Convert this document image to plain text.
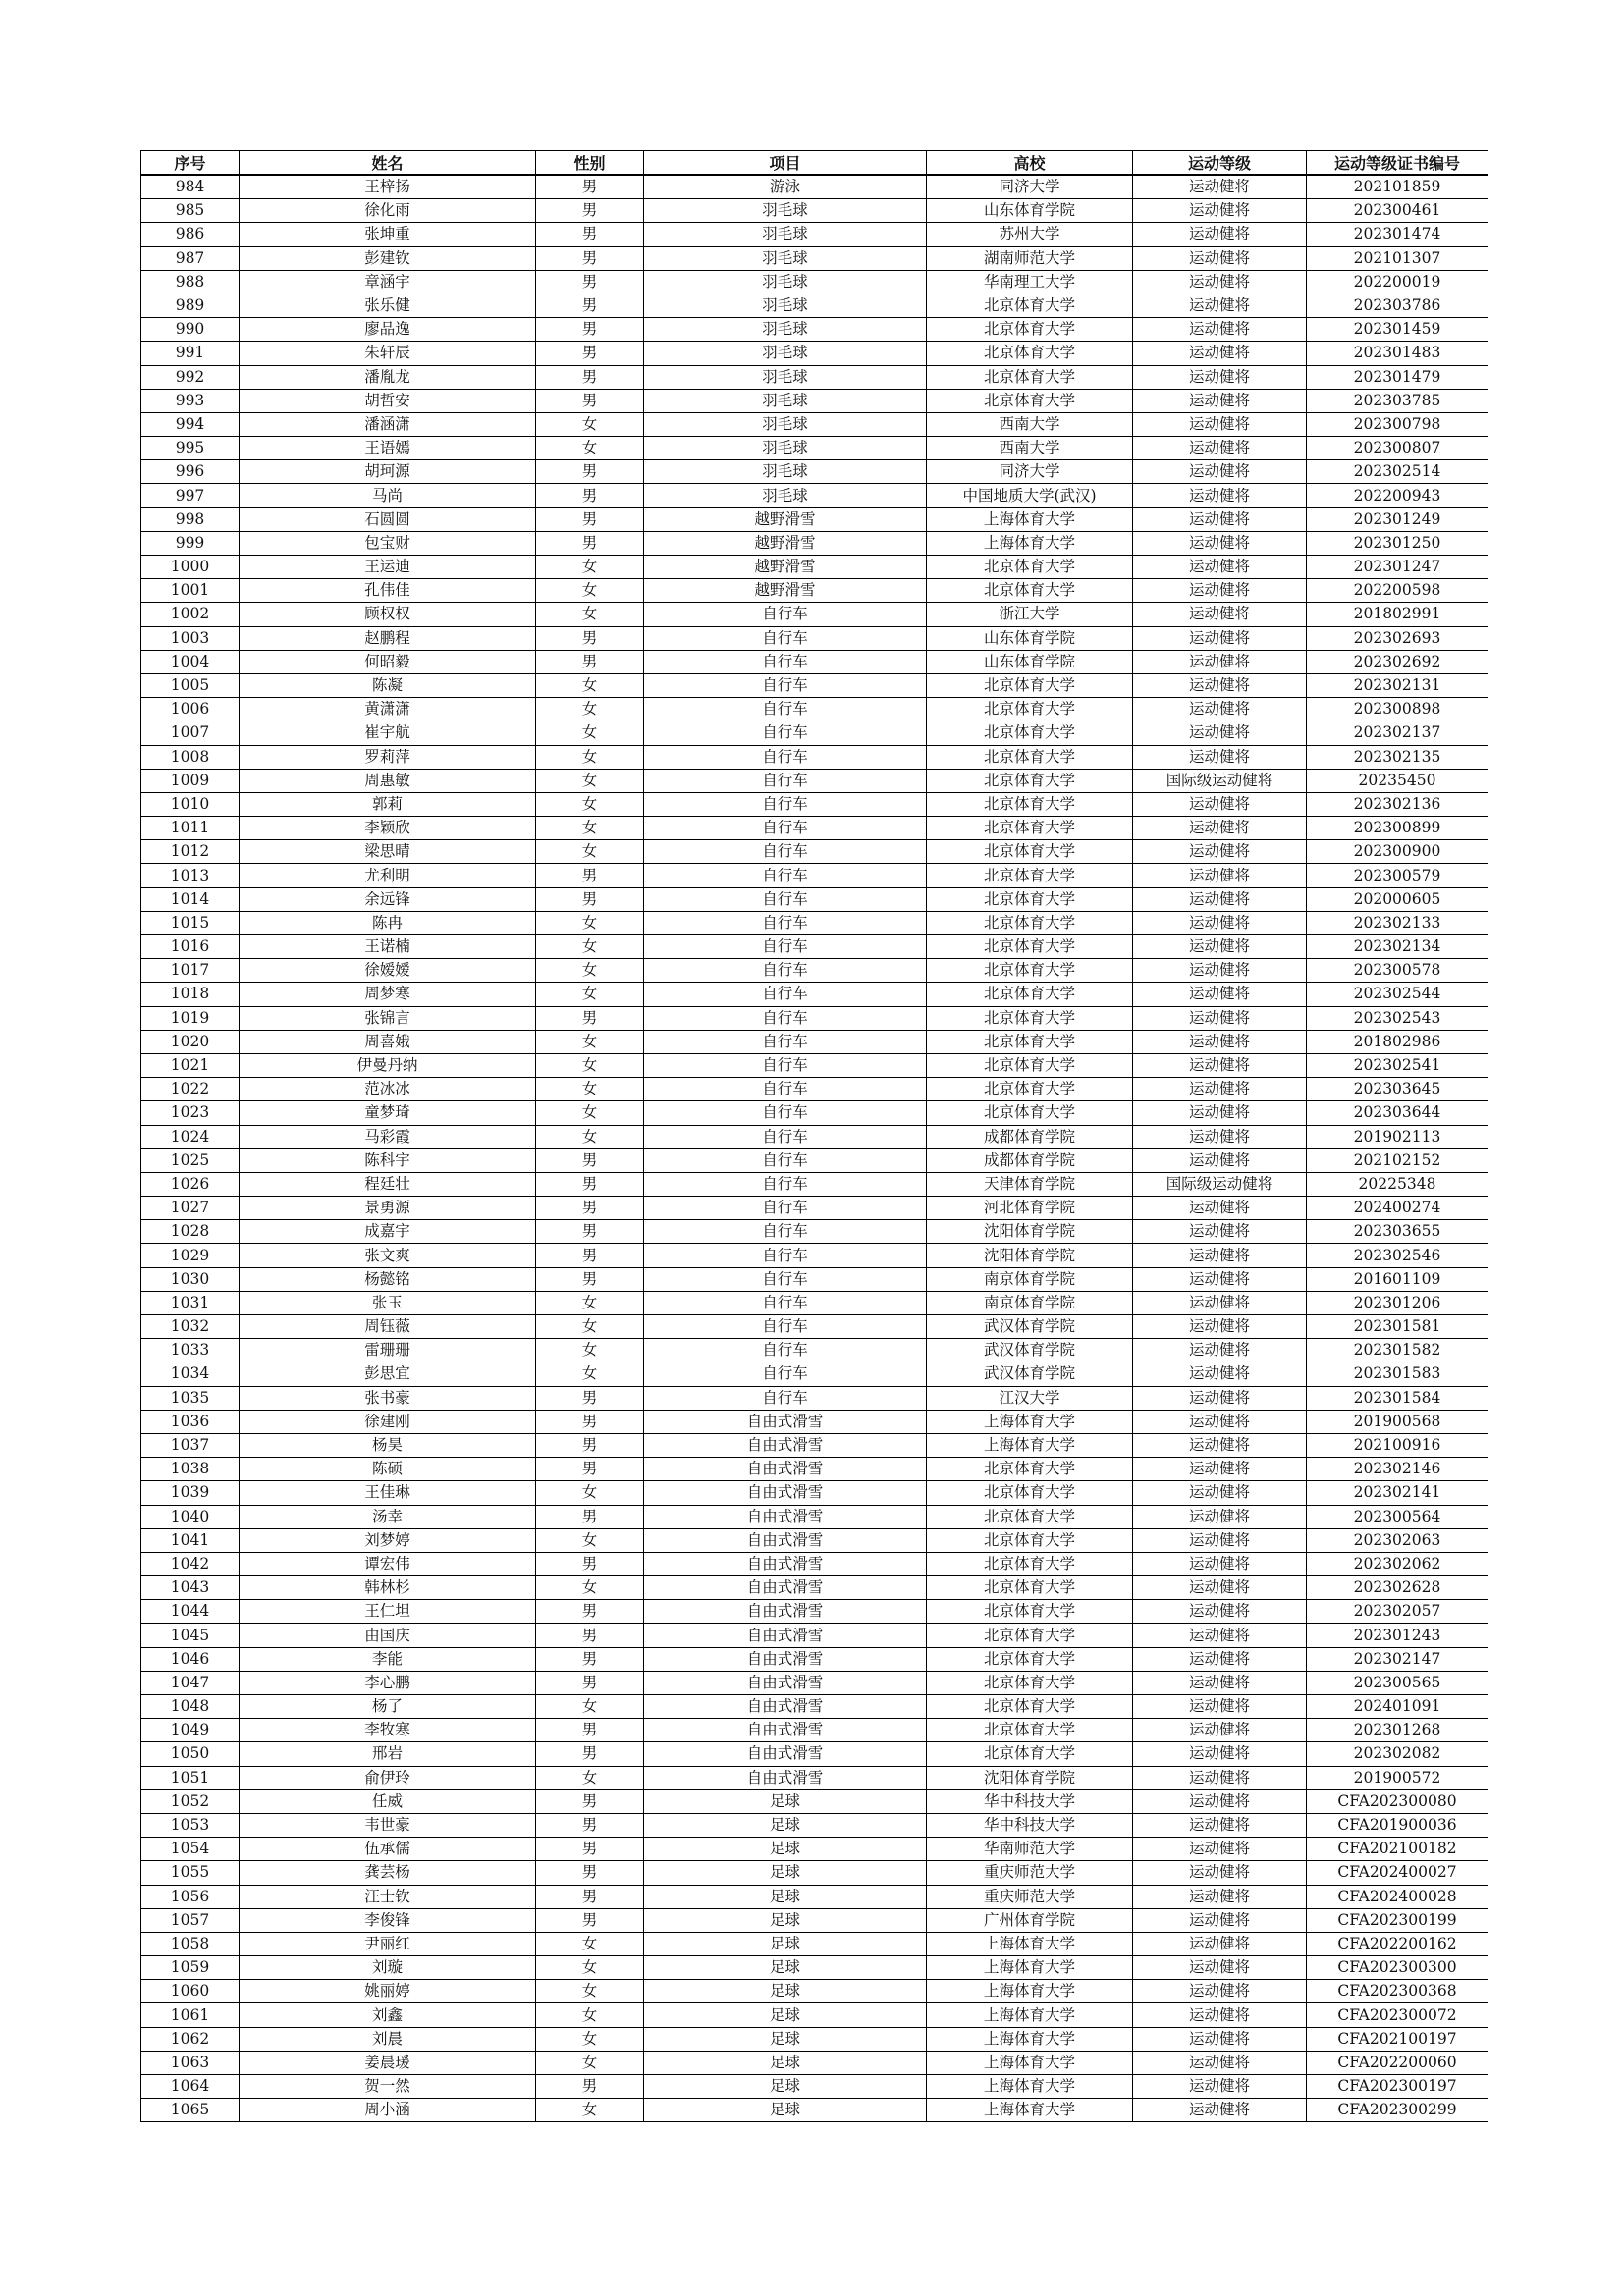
序号	姓名	性别	项目	高校	运动等级	运动等级证书编号
984	王梓扬	男	游泳	同济大学	运动健将	202101859
985	徐化雨	男	羽毛球	山东体育学院	运动健将	202300461
986	张坤重	男	羽毛球	苏州大学	运动健将	202301474
987	彭建钦	男	羽毛球	湖南师范大学	运动健将	202101307
988	章涵宇	男	羽毛球	华南理工大学	运动健将	202200019
989	张乐健	男	羽毛球	北京体育大学	运动健将	202303786
990	廖品逸	男	羽毛球	北京体育大学	运动健将	202301459
991	朱轩辰	男	羽毛球	北京体育大学	运动健将	202301483
992	潘胤龙	男	羽毛球	北京体育大学	运动健将	202301479
993	胡哲安	男	羽毛球	北京体育大学	运动健将	202303785
994	潘涵潇	女	羽毛球	西南大学	运动健将	202300798
995	王语嫣	女	羽毛球	西南大学	运动健将	202300807
996	胡珂源	男	羽毛球	同济大学	运动健将	202302514
997	马尚	男	羽毛球	中国地质大学(武汉)	运动健将	202200943
998	石圆圆	男	越野滑雪	上海体育大学	运动健将	202301249
999	包宝财	男	越野滑雪	上海体育大学	运动健将	202301250
1000	王运迪	女	越野滑雪	北京体育大学	运动健将	202301247
1001	孔伟佳	女	越野滑雪	北京体育大学	运动健将	202200598
1002	顾权权	女	自行车	浙江大学	运动健将	201802991
1003	赵鹏程	男	自行车	山东体育学院	运动健将	202302693
1004	何昭毅	男	自行车	山东体育学院	运动健将	202302692
1005	陈凝	女	自行车	北京体育大学	运动健将	202302131
1006	黄潇潇	女	自行车	北京体育大学	运动健将	202300898
1007	崔宇航	女	自行车	北京体育大学	运动健将	202302137
1008	罗莉萍	女	自行车	北京体育大学	运动健将	202302135
1009	周惠敏	女	自行车	北京体育大学	国际级运动健将	20235450
1010	郭莉	女	自行车	北京体育大学	运动健将	202302136
1011	李颖欣	女	自行车	北京体育大学	运动健将	202300899
1012	梁思晴	女	自行车	北京体育大学	运动健将	202300900
1013	尤利明	男	自行车	北京体育大学	运动健将	202300579
1014	余远锋	男	自行车	北京体育大学	运动健将	202000605
1015	陈冉	女	自行车	北京体育大学	运动健将	202302133
1016	王诺楠	女	自行车	北京体育大学	运动健将	202302134
1017	徐嫒嫒	女	自行车	北京体育大学	运动健将	202300578
1018	周梦寒	女	自行车	北京体育大学	运动健将	202302544
1019	张锦言	男	自行车	北京体育大学	运动健将	202302543
1020	周喜娥	女	自行车	北京体育大学	运动健将	201802986
1021	伊曼丹纳	女	自行车	北京体育大学	运动健将	202302541
1022	范冰冰	女	自行车	北京体育大学	运动健将	202303645
1023	童梦琦	女	自行车	北京体育大学	运动健将	202303644
1024	马彩霞	女	自行车	成都体育学院	运动健将	201902113
1025	陈科宇	男	自行车	成都体育学院	运动健将	202102152
1026	程廷壮	男	自行车	天津体育学院	国际级运动健将	20225348
1027	景勇源	男	自行车	河北体育学院	运动健将	202400274
1028	成嘉宇	男	自行车	沈阳体育学院	运动健将	202303655
1029	张文爽	男	自行车	沈阳体育学院	运动健将	202302546
1030	杨懿铭	男	自行车	南京体育学院	运动健将	201601109
1031	张玉	女	自行车	南京体育学院	运动健将	202301206
1032	周钰薇	女	自行车	武汉体育学院	运动健将	202301581
1033	雷珊珊	女	自行车	武汉体育学院	运动健将	202301582
1034	彭思宜	女	自行车	武汉体育学院	运动健将	202301583
1035	张书豪	男	自行车	江汉大学	运动健将	202301584
1036	徐建刚	男	自由式滑雪	上海体育大学	运动健将	201900568
1037	杨昊	男	自由式滑雪	上海体育大学	运动健将	202100916
1038	陈硕	男	自由式滑雪	北京体育大学	运动健将	202302146
1039	王佳琳	女	自由式滑雪	北京体育大学	运动健将	202302141
1040	汤幸	男	自由式滑雪	北京体育大学	运动健将	202300564
1041	刘梦婷	女	自由式滑雪	北京体育大学	运动健将	202302063
1042	谭宏伟	男	自由式滑雪	北京体育大学	运动健将	202302062
1043	韩林杉	女	自由式滑雪	北京体育大学	运动健将	202302628
1044	王仁坦	男	自由式滑雪	北京体育大学	运动健将	202302057
1045	由国庆	男	自由式滑雪	北京体育大学	运动健将	202301243
1046	李能	男	自由式滑雪	北京体育大学	运动健将	202302147
1047	李心鹏	男	自由式滑雪	北京体育大学	运动健将	202300565
1048	杨了	女	自由式滑雪	北京体育大学	运动健将	202401091
1049	李牧寒	男	自由式滑雪	北京体育大学	运动健将	202301268
1050	邢岩	男	自由式滑雪	北京体育大学	运动健将	202302082
1051	俞伊玲	女	自由式滑雪	沈阳体育学院	运动健将	201900572
1052	任威	男	足球	华中科技大学	运动健将	CFA202300080
1053	韦世豪	男	足球	华中科技大学	运动健将	CFA201900036
1054	伍承儒	男	足球	华南师范大学	运动健将	CFA202100182
1055	龚芸杨	男	足球	重庆师范大学	运动健将	CFA202400027
1056	汪士钦	男	足球	重庆师范大学	运动健将	CFA202400028
1057	李俊锋	男	足球	广州体育学院	运动健将	CFA202300199
1058	尹丽红	女	足球	上海体育大学	运动健将	CFA202200162
1059	刘璇	女	足球	上海体育大学	运动健将	CFA202300300
1060	姚丽婷	女	足球	上海体育大学	运动健将	CFA202300368
1061	刘鑫	女	足球	上海体育大学	运动健将	CFA202300072
1062	刘晨	女	足球	上海体育大学	运动健将	CFA202100197
1063	姜晨瑗	女	足球	上海体育大学	运动健将	CFA202200060
1064	贺一然	男	足球	上海体育大学	运动健将	CFA202300197
1065	周小涵	女	足球	上海体育大学	运动健将	CFA202300299
